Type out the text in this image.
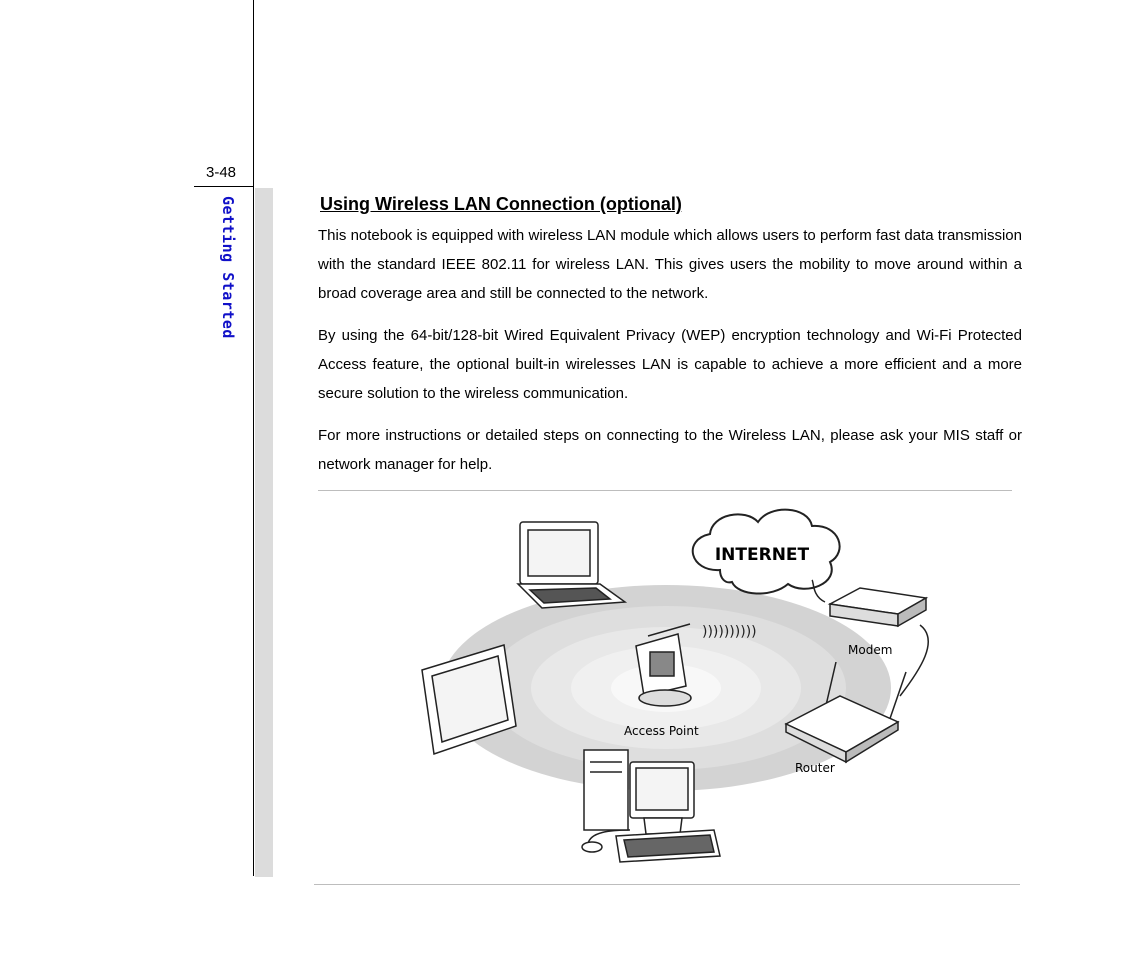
3-48
Getting Started	Using Wireless LAN Connection (optional)

This notebook is equipped with wireless LAN module which allows users to perform fast data transmission with the standard IEEE 802.11 for wireless LAN. This gives users the mobility to move around within a broad coverage area and still be connected to the network.

By using the 64-bit/128-bit Wired Equivalent Privacy (WEP) encryption technology and Wi-Fi Protected Access feature, the optional built-in wirelesses LAN is capable to achieve a more efficient and a more secure solution to the wireless communication.

For more instructions or detailed steps on connecting to the Wireless LAN, please ask your MIS staff or network manager for help.

INTERNET
Modem
Access Point
))))))))))
Router
